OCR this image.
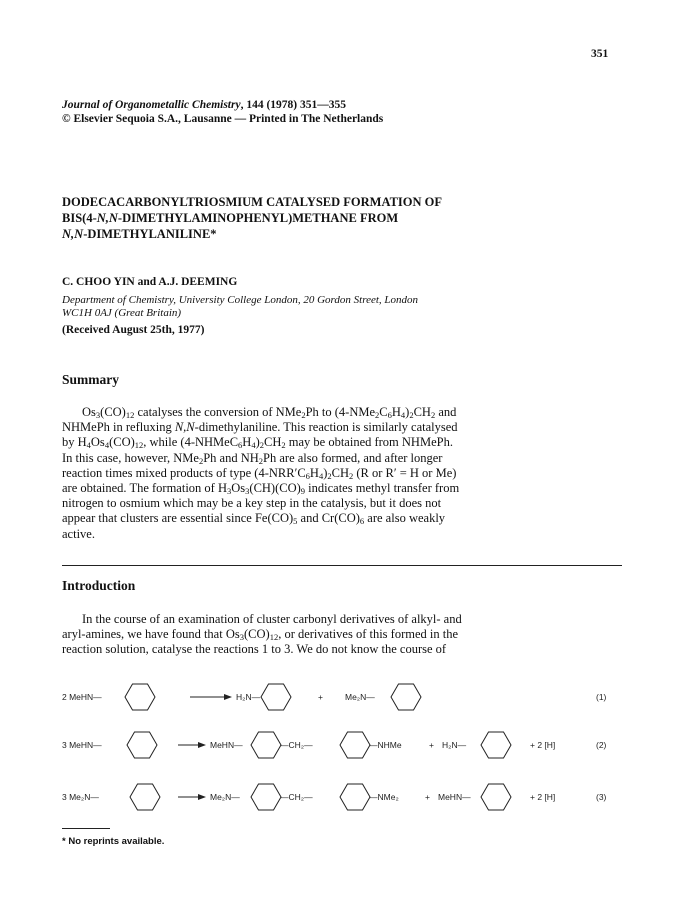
351
Journal of Organometallic Chemistry, 144 (1978) 351—355
© Elsevier Sequoia S.A., Lausanne — Printed in The Netherlands
DODECACARBONYLTRIOSMIUM CATALYSED FORMATION OF
BIS(4-N,N-DIMETHYLAMINOPHENYL)METHANE FROM
N,N-DIMETHYLANILINE*
C. CHOO YIN and A.J. DEEMING
Department of Chemistry, University College London, 20 Gordon Street, London
WC1H 0AJ (Great Britain)
(Received August 25th, 1977)
Summary
$Os_3(CO)_{12}$ catalyses the conversion of NMe$_2$Ph to $(4-NMe_2C_6H_4)_2CH_2$ and
NHMePh in refluxing N,N-dimethylaniline. This reaction is similarly catalysed
by $H_4Os_4(CO)_{12}$, while $(4-NHMeC_6H_4)_2CH_2$ may be obtained from NHMePh.
In this case, however, NMe$_2$Ph and $NH_2Ph$ are also formed, and after longer
reaction times mixed products of type $(4-NRR'C_6H_4)_2CH_2$ (R or R′ = H or Me)
are obtained. The formation of $H_3Os_3(CH)(CO)_9$ indicates methyl transfer from
nitrogen to osmium which may be a key step in the catalysis, but it does not
appear that clusters are essential since $Fe(CO)_5$ and $Cr(CO)_6$ are also weakly
active.
Introduction
In the course of an examination of cluster carbonyl derivatives of alkyl- and
aryl-amines, we have found that $Os_3(CO)_{12}$, or derivatives of this formed in the
reaction solution, catalyse the reactions 1 to 3. We do not know the course of
2 MeHN—	H₂N—	+	Me₂N—	(1)
3 MeHN—	MeHN—	—CH₂—	—NHMe	+ H₂N—	+ 2 [H]	(2)
3 Me₂N—	Me₂N—	—CH₂—	—NMe₂	+ MeHN—	+ 2 [H]	(3)
* No reprints available.
